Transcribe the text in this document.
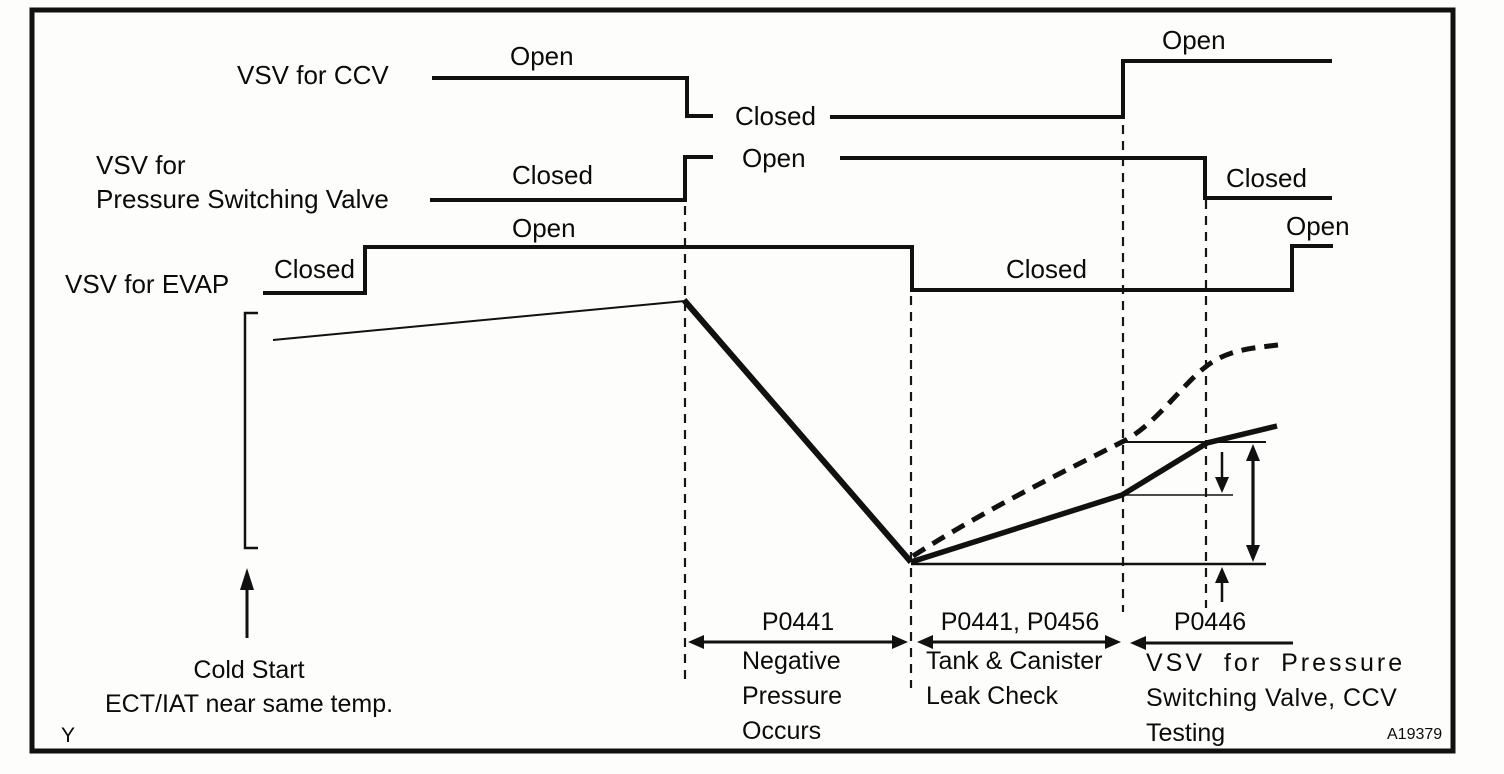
VSV for CCV
VSV for
Pressure Switching Valve
VSV for EVAP
Open
Closed
Open
Closed
Open
Closed
Closed
Open
Closed
Open
Cold Start
ECT/IAT near same temp.
P0441
Negative
Pressure
Occurs
P0441, P0456
Tank & Canister
Leak Check
P0446
VSV for Pressure
Switching Valve, CCV
Testing
Y	A19379
